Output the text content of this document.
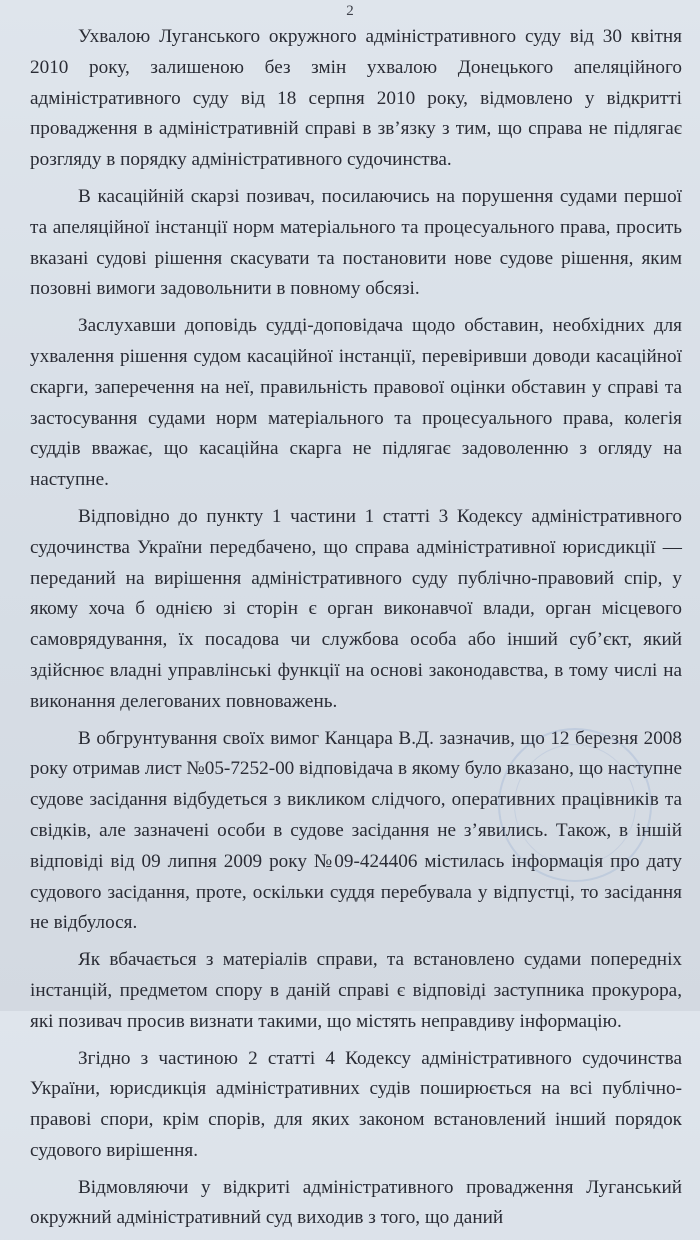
2

Ухвалою Луганського окружного адміністративного суду від 30 квітня 2010 року, залишеною без змін ухвалою Донецького апеляційного адміністративного суду від 18 серпня 2010 року, відмовлено у відкритті провадження в адміністративній справі в зв’язку з тим, що справа не підлягає розгляду в порядку адміністративного судочинства.

В касаційній скарзі позивач, посилаючись на порушення судами першої та апеляційної інстанції норм матеріального та процесуального права, просить вказані судові рішення скасувати та постановити нове судове рішення, яким позовні вимоги задовольнити в повному обсязі.

Заслухавши доповідь судді-доповідача щодо обставин, необхідних для ухвалення рішення судом касаційної інстанції, перевіривши доводи касаційної скарги, заперечення на неї, правильність правової оцінки обставин у справі та застосування судами норм матеріального та процесуального права, колегія суддів вважає, що касаційна скарга не підлягає задоволенню з огляду на наступне.

Відповідно до пункту 1 частини 1 статті 3 Кодексу адміністративного судочинства України передбачено, що справа адміністративної юрисдикції — переданий на вирішення адміністративного суду публічно-правовий спір, у якому хоча б однією зі сторін є орган виконавчої влади, орган місцевого самоврядування, їх посадова чи службова особа або інший суб’єкт, який здійснює владні управлінські функції на основі законодавства, в тому числі на виконання делегованих повноважень.

В обгрунтування своїх вимог Канцара В.Д. зазначив, що 12 березня 2008 року отримав лист №05-7252-00 відповідача в якому було вказано, що наступне судове засідання відбудеться з викликом слідчого, оперативних працівників та свідків, але зазначені особи в судове засідання не з’явились. Також, в іншій відповіді від 09 липня 2009 року №09-424406 містилась інформація про дату судового засідання, проте, оскільки суддя перебувала у відпустці, то засідання не відбулося.

Як вбачається з матеріалів справи, та встановлено судами попередніх інстанцій, предметом спору в даній справі є відповіді заступника прокурора, які позивач просив визнати такими, що містять неправдиву інформацію.

Згідно з частиною 2 статті 4 Кодексу адміністративного судочинства України, юрисдикція адміністративних судів поширюється на всі публічно-правові спори, крім спорів, для яких законом встановлений інший порядок судового вирішення.

Відмовляючи у відкриті адміністративного провадження Луганський окружний адміністративний суд виходив з того, що даний
